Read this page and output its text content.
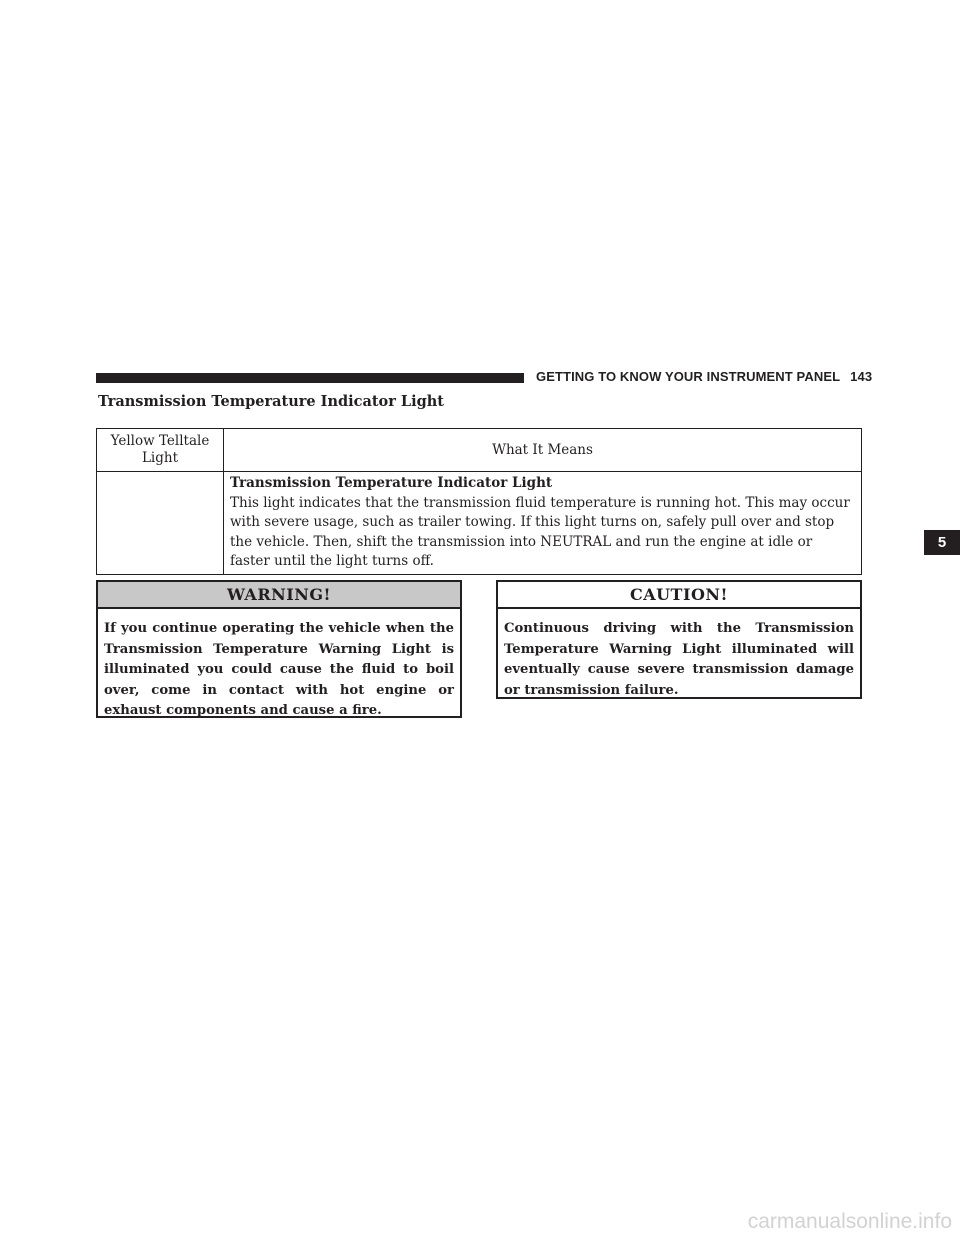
GETTING TO KNOW YOUR INSTRUMENT PANEL 143
Transmission Temperature Indicator Light
Yellow Telltale Light	What It Means

	Transmission Temperature Indicator Light
This light indicates that the transmission fluid temperature is running hot. This may occur with severe usage, such as trailer towing. If this light turns on, safely pull over and stop the vehicle. Then, shift the transmission into NEUTRAL and run the engine at idle or faster until the light turns off.
WARNING!
If you continue operating the vehicle when the Transmission Temperature Warning Light is illuminated you could cause the fluid to boil over, come in contact with hot engine or exhaust components and cause a fire.
CAUTION!
Continuous driving with the Transmission Temperature Warning Light illuminated will eventually cause severe transmission damage or transmission failure.
5
carmanualsonline.info
